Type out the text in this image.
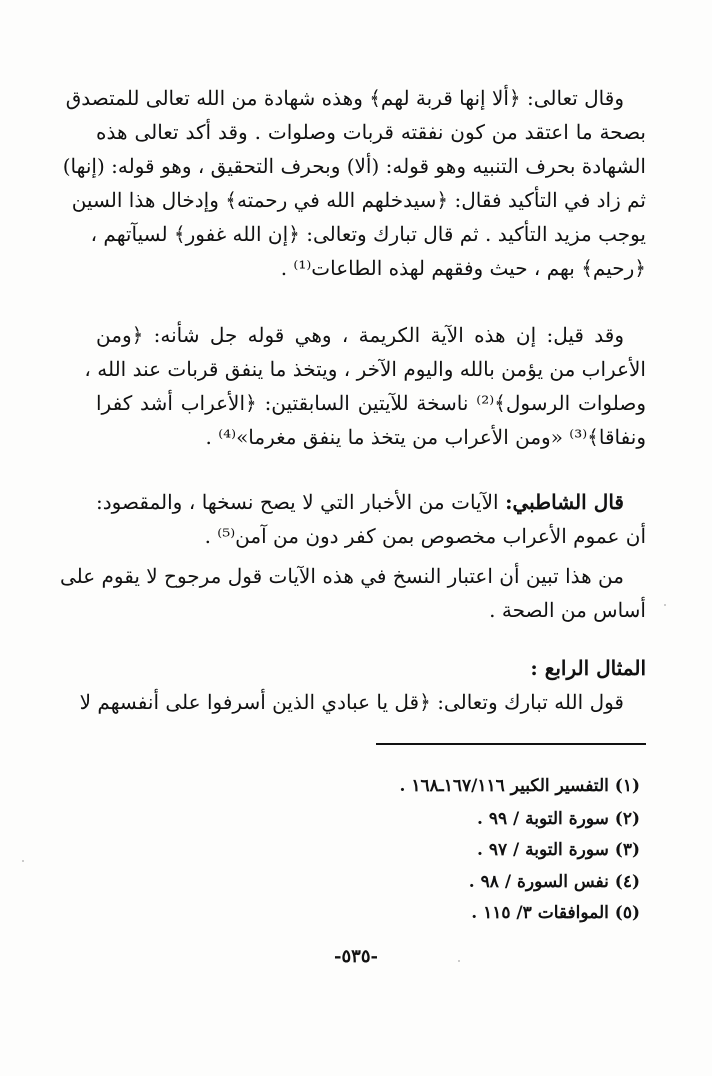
وقال تعالى: ﴿ألا إنها قربة لهم﴾ وهذه شهادة من الله تعالى للمتصدق
بصحة ما اعتقد من كون نفقته قربات وصلوات . وقد أكد تعالى هذه
الشهادة بحرف التنبيه وهو قوله: (ألا) وبحرف التحقيق ، وهو قوله: (إنها)
ثم زاد في التأكيد فقال: ﴿سيدخلهم الله في رحمته﴾ وإدخال هذا السين
يوجب مزيد التأكيد . ثم قال تبارك وتعالى: ﴿إن الله غفور﴾ لسيآتهم ،
﴿رحيم﴾ بهم ، حيث وفقهم لهذه الطاعات⁽¹⁾ .
وقد قيل: إن هذه الآية الكريمة ، وهي قوله جل شأنه: ﴿ومن
الأعراب من يؤمن بالله واليوم الآخر ، ويتخذ ما ينفق قربات عند الله ،
وصلوات الرسول﴾⁽²⁾ ناسخة للآيتين السابقتين: ﴿الأعراب أشد كفرا
ونفاقا﴾⁽³⁾ «ومن الأعراب من يتخذ ما ينفق مغرما»⁽⁴⁾ .
قال الشاطبي: الآيات من الأخبار التي لا يصح نسخها ، والمقصود:
أن عموم الأعراب مخصوص بمن كفر دون من آمن⁽⁵⁾ .
من هذا تبين أن اعتبار النسخ في هذه الآيات قول مرجوح لا يقوم على
أساس من الصحة .
المثال الرابع :
قول الله تبارك وتعالى: ﴿قل يا عبادي الذين أسرفوا على أنفسهم لا
(١) التفسير الكبير ١٦٧/١١٦ـ١٦٨ .
(٢) سورة التوبة / ٩٩ .
(٣) سورة التوبة / ٩٧ .
(٤) نفس السورة / ٩٨ .
(٥) الموافقات ٣/ ١١٥ .
-٥٣٥-
